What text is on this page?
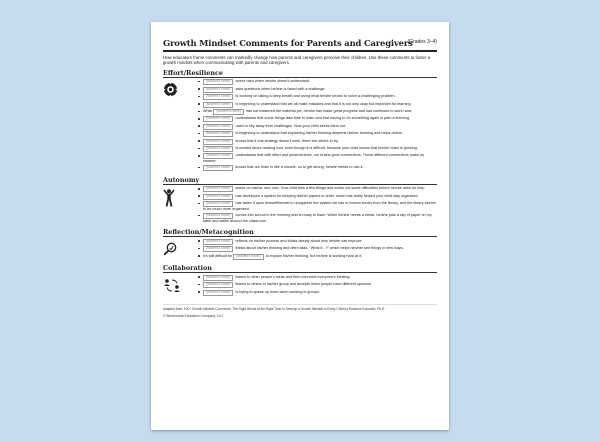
Growth Mindset Comments for Parents and Caregivers
(Grades 3–4)

How educators frame comments can markedly change how parents and caregivers perceive their children. Use these comments to foster a growth mindset when communicating with parents and caregivers.

Effort/Resilience
(student's name) works hard when he/she doesn't understand.
(student's name) asks questions when he/she is faced with a challenge.
(student's name) is working on taking a deep breath and using what he/she knows to solve a challenging problem.
(student's name) is beginning to understand that we all make mistakes and that it is not only okay but important for learning.
While (student's name) has not mastered the material yet, he/she has made great progress and has continued to work hard.
(student's name) understands that some things take time to learn and that having to do something again is part of learning.
(student's name) used to shy away from challenges. Now your child seeks them out.
(student's name) is beginning to understand that explaining his/her thinking deepens his/her learning and helps others.
(student's name) knows that if one strategy doesn't work, there are others to try.
(student's name) is excited about reading now, even though it is difficult, because your child knows that his/her brain is growing.
(student's name) understands that with effort and perseverance, our brains grow connections. These different connections make us smarter.
(student's name) knows that our brain is like a muscle, so to get strong, he/she needs to use it.
Autonomy
(student's name) works on his/her own now. Your child tries a few things and works out some difficulties before he/she asks for help.
(student's name) has developed a system for keeping his/her papers in order, which has really helped your child stay organized.
(student's name) has taken it upon himself/herself to reorganize the system we use to borrow books from the library, and the library seems to be much more organized.
(student's name) comes into school in the morning and is ready to learn. When he/she needs a break, he/she puts a slip of paper on my table and walks around the classroom.
Reflection/Metacognition
(student's name) reflects on his/her process and thinks deeply about how he/she can improve.
(student's name) thinks about his/her thinking and often asks, “What if...?” which helps him/her see things in new ways.
It's still difficult for (student's name) to explain his/her thinking, but he/she is working hard at it.
Collaboration
(student's name) listens to other people's ideas and then connects everyone's thinking.
(student's name) listens to others in his/her group and accepts when people have different opinions.
(student's name) is trying to speak up more when working in groups.
Adapted from: 100+ Growth Mindset Comments: The Right Words at the Right Time to Develop a Growth Mindset in Every Child by Roxanne Kurowski, Ph.D.
© Benchmark Education Company, LLC
